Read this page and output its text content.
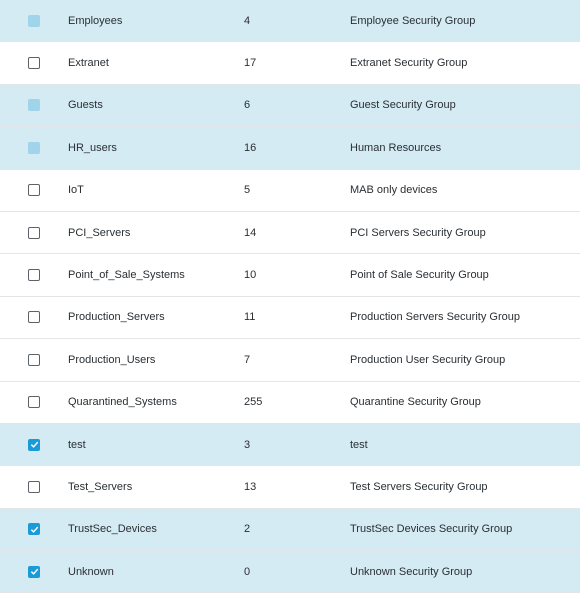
Employees	4	Employee Security Group
Extranet	17	Extranet Security Group
Guests	6	Guest Security Group
HR_users	16	Human Resources
IoT	5	MAB only devices
PCI_Servers	14	PCI Servers Security Group
Point_of_Sale_Systems	10	Point of Sale Security Group
Production_Servers	11	Production Servers Security Group
Production_Users	7	Production User Security Group
Quarantined_Systems	255	Quarantine Security Group
test	3	test
Test_Servers	13	Test Servers Security Group
TrustSec_Devices	2	TrustSec Devices Security Group
Unknown	0	Unknown Security Group
